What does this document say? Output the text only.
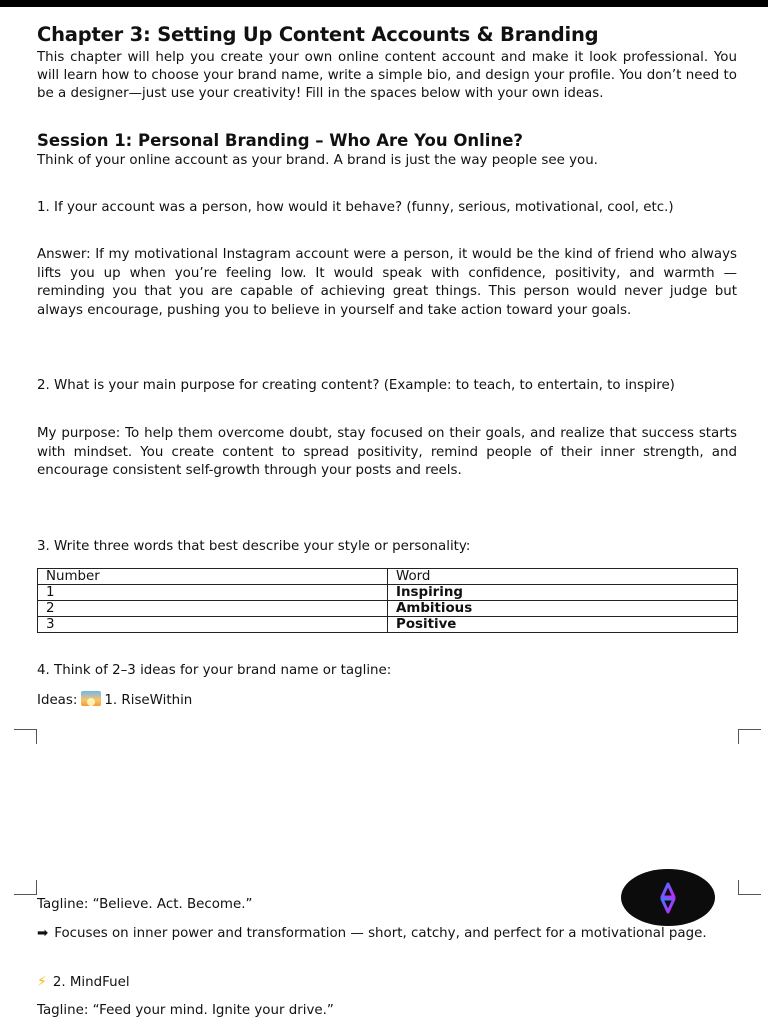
Chapter 3: Setting Up Content Accounts & Branding

This chapter will help you create your own online content account and make it look professional. You will learn how to choose your brand name, write a simple bio, and design your profile. You don’t need to be a designer—just use your creativity! Fill in the spaces below with your own ideas.

Session 1: Personal Branding – Who Are You Online?

Think of your online account as your brand. A brand is just the way people see you.

1. If your account was a person, how would it behave? (funny, serious, motivational, cool, etc.)

Answer: If my motivational Instagram account were a person, it would be the kind of friend who always lifts you up when you’re feeling low. It would speak with confidence, positivity, and warmth — reminding you that you are capable of achieving great things. This person would never judge but always encourage, pushing you to believe in yourself and take action toward your goals.

2. What is your main purpose for creating content? (Example: to teach, to entertain, to inspire)

My purpose: To help them overcome doubt, stay focused on their goals, and realize that success starts with mindset. You create content to spread positivity, remind people of their inner strength, and encourage consistent self-growth through your posts and reels.

3. Write three words that best describe your style or personality:

Number	Word
1	Inspiring
2	Ambitious
3	Positive

4. Think of 2–3 ideas for your brand name or tagline:

Ideas: 1. RiseWithin

Tagline: “Believe. Act. Become.”

➡ Focuses on inner power and transformation — short, catchy, and perfect for a motivational page.

⚡ 2. MindFuel

Tagline: “Feed your mind. Ignite your drive.”
